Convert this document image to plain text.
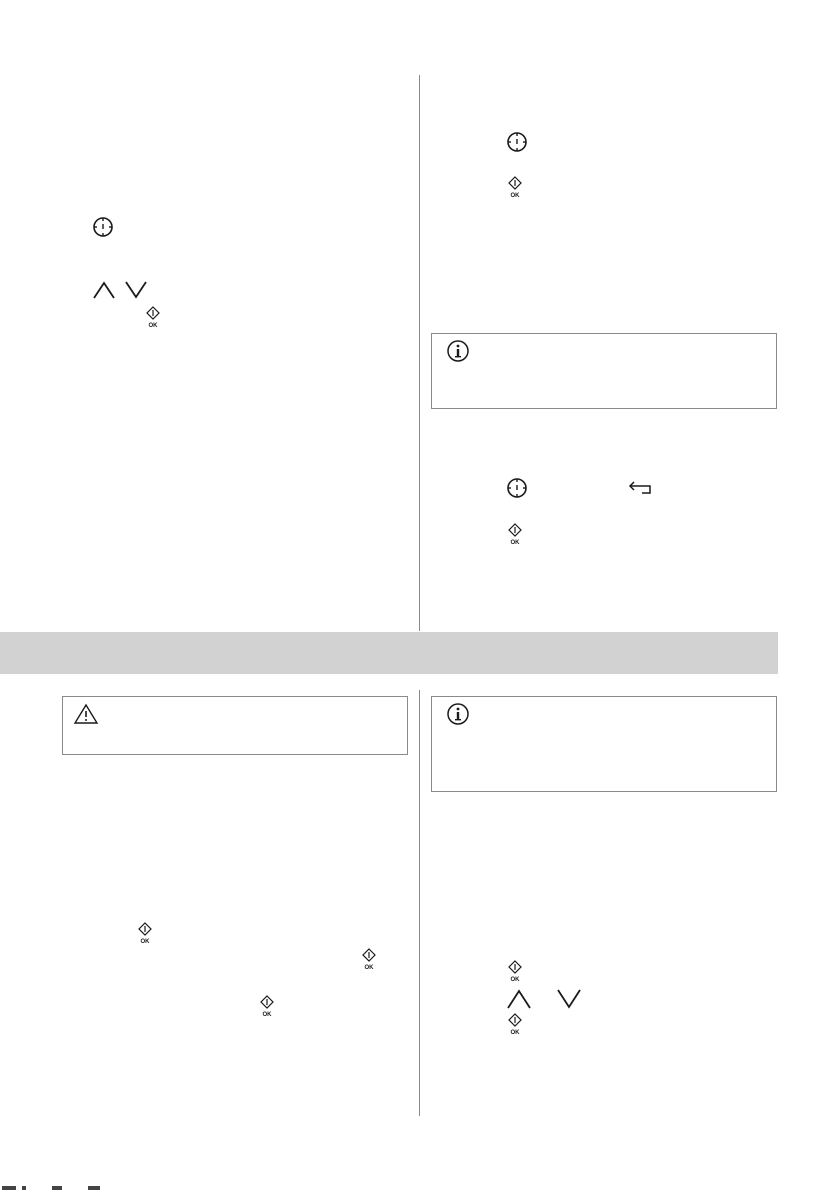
OK
OK
OK
OK
OK
OK
OK
OK
